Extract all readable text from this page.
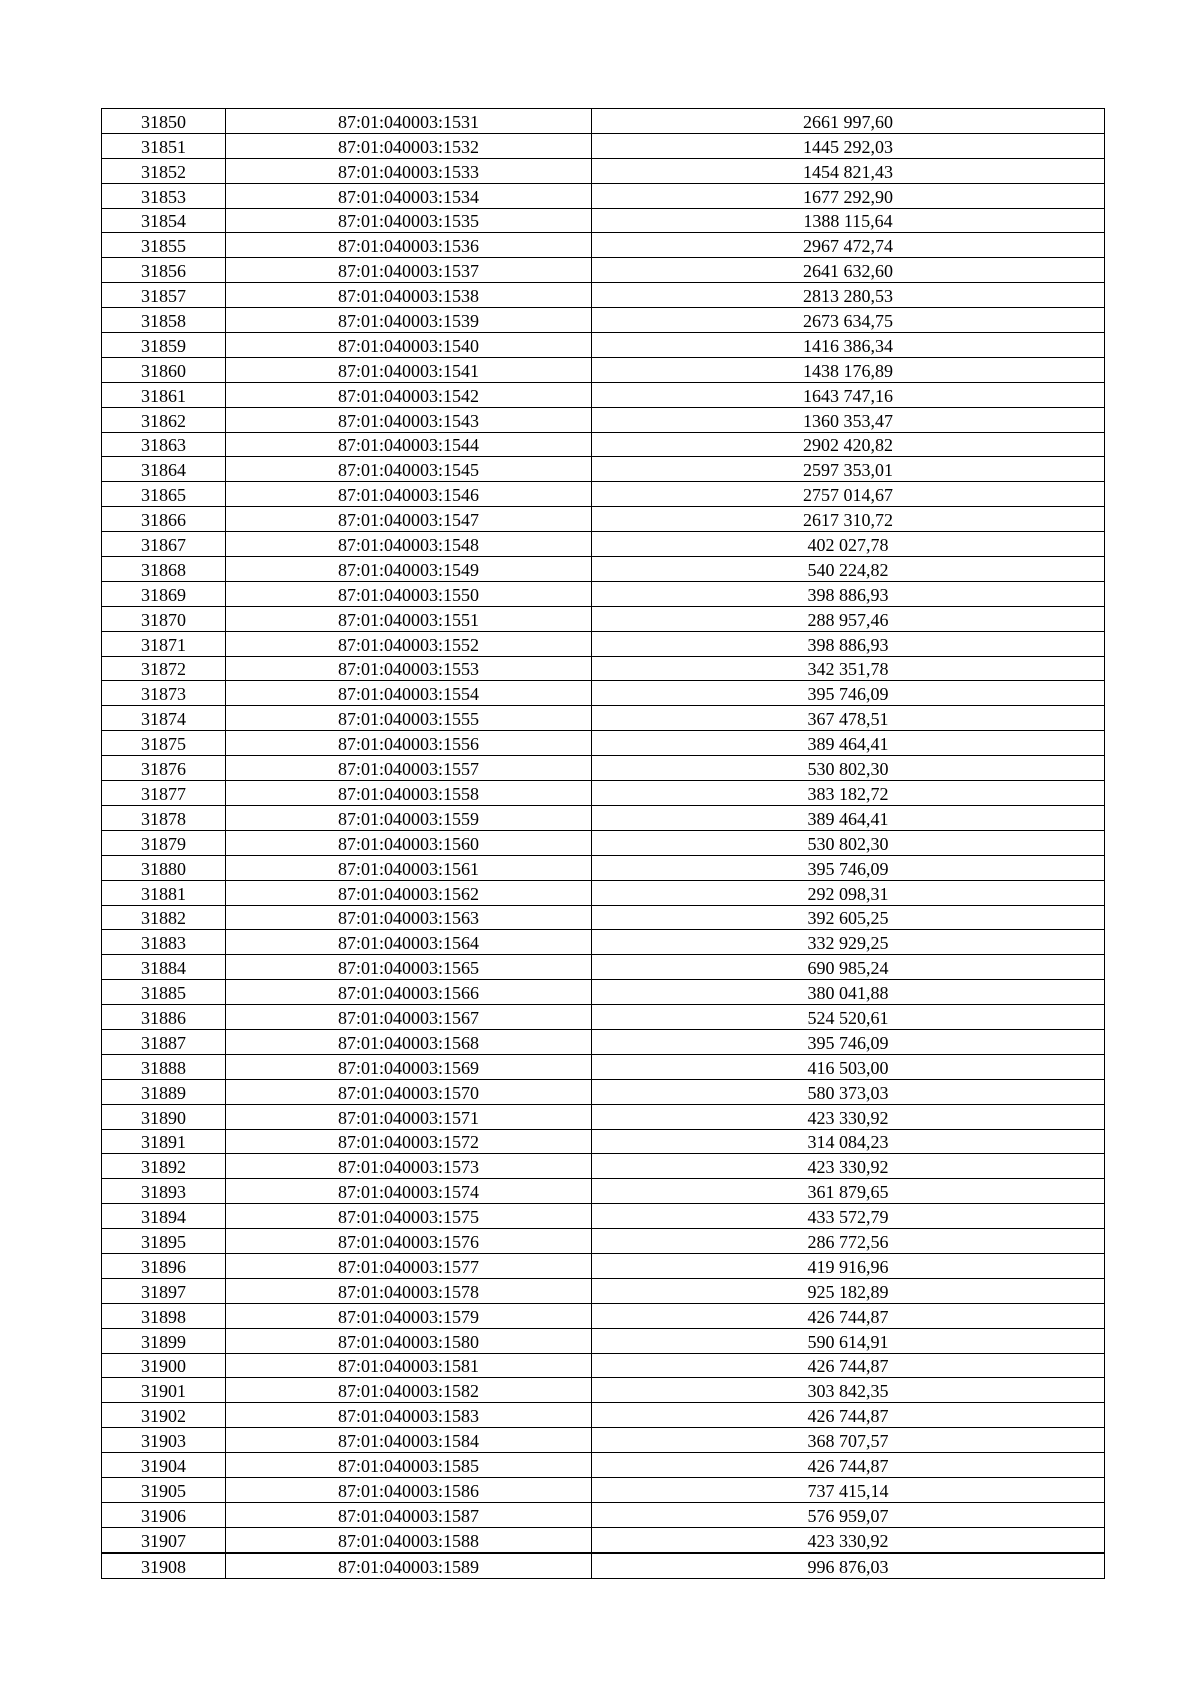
31850	87:01:040003:1531	2661 997,60
31851	87:01:040003:1532	1445 292,03
31852	87:01:040003:1533	1454 821,43
31853	87:01:040003:1534	1677 292,90
31854	87:01:040003:1535	1388 115,64
31855	87:01:040003:1536	2967 472,74
31856	87:01:040003:1537	2641 632,60
31857	87:01:040003:1538	2813 280,53
31858	87:01:040003:1539	2673 634,75
31859	87:01:040003:1540	1416 386,34
31860	87:01:040003:1541	1438 176,89
31861	87:01:040003:1542	1643 747,16
31862	87:01:040003:1543	1360 353,47
31863	87:01:040003:1544	2902 420,82
31864	87:01:040003:1545	2597 353,01
31865	87:01:040003:1546	2757 014,67
31866	87:01:040003:1547	2617 310,72
31867	87:01:040003:1548	402 027,78
31868	87:01:040003:1549	540 224,82
31869	87:01:040003:1550	398 886,93
31870	87:01:040003:1551	288 957,46
31871	87:01:040003:1552	398 886,93
31872	87:01:040003:1553	342 351,78
31873	87:01:040003:1554	395 746,09
31874	87:01:040003:1555	367 478,51
31875	87:01:040003:1556	389 464,41
31876	87:01:040003:1557	530 802,30
31877	87:01:040003:1558	383 182,72
31878	87:01:040003:1559	389 464,41
31879	87:01:040003:1560	530 802,30
31880	87:01:040003:1561	395 746,09
31881	87:01:040003:1562	292 098,31
31882	87:01:040003:1563	392 605,25
31883	87:01:040003:1564	332 929,25
31884	87:01:040003:1565	690 985,24
31885	87:01:040003:1566	380 041,88
31886	87:01:040003:1567	524 520,61
31887	87:01:040003:1568	395 746,09
31888	87:01:040003:1569	416 503,00
31889	87:01:040003:1570	580 373,03
31890	87:01:040003:1571	423 330,92
31891	87:01:040003:1572	314 084,23
31892	87:01:040003:1573	423 330,92
31893	87:01:040003:1574	361 879,65
31894	87:01:040003:1575	433 572,79
31895	87:01:040003:1576	286 772,56
31896	87:01:040003:1577	419 916,96
31897	87:01:040003:1578	925 182,89
31898	87:01:040003:1579	426 744,87
31899	87:01:040003:1580	590 614,91
31900	87:01:040003:1581	426 744,87
31901	87:01:040003:1582	303 842,35
31902	87:01:040003:1583	426 744,87
31903	87:01:040003:1584	368 707,57
31904	87:01:040003:1585	426 744,87
31905	87:01:040003:1586	737 415,14
31906	87:01:040003:1587	576 959,07
31907	87:01:040003:1588	423 330,92
31908	87:01:040003:1589	996 876,03
